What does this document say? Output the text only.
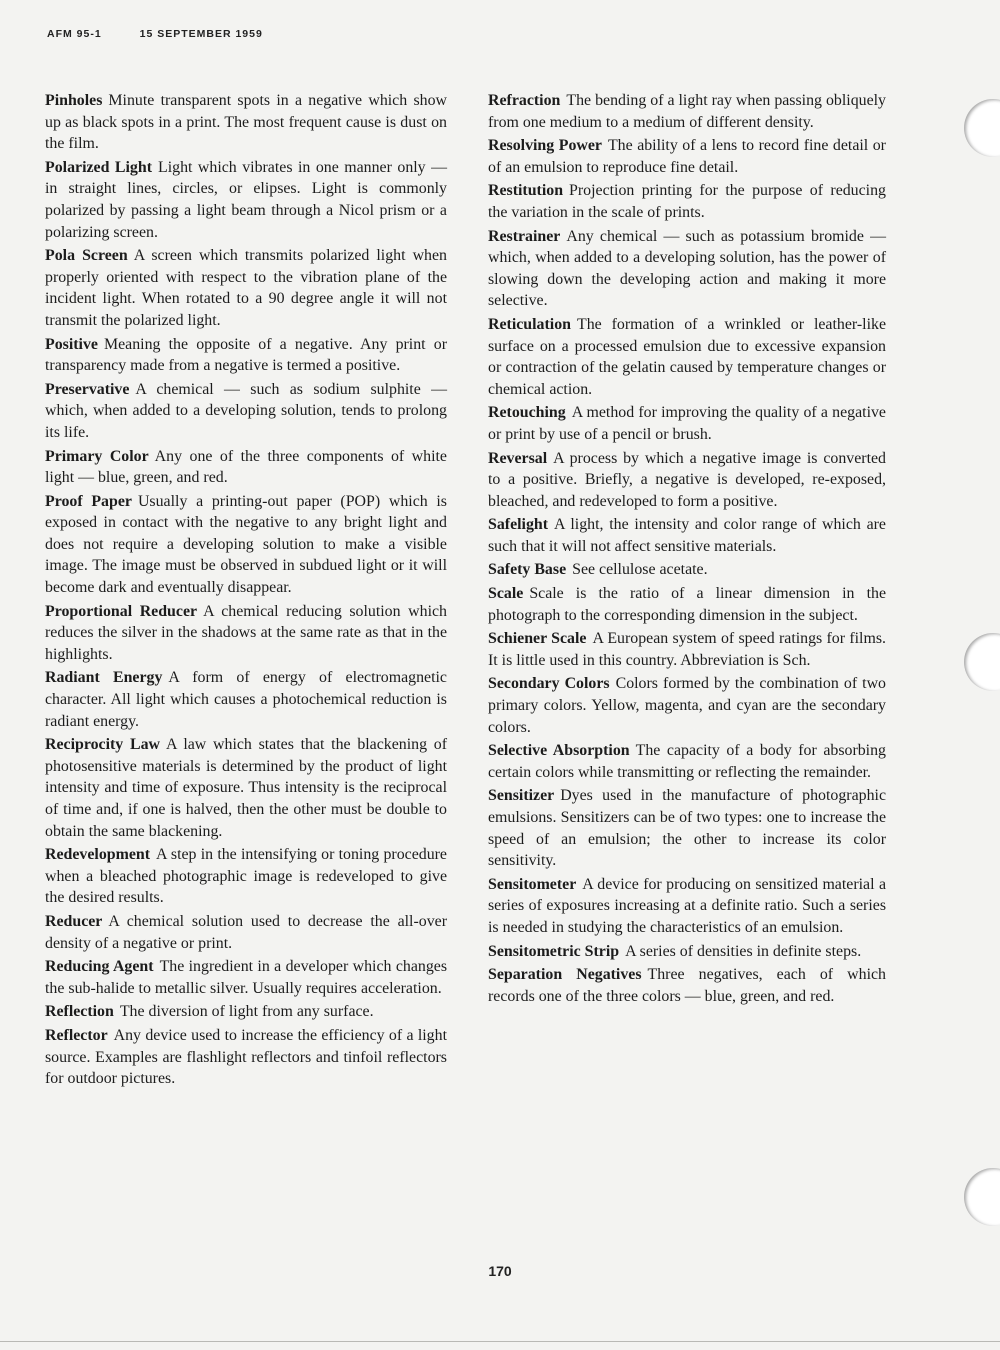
AFM 95-1	15 SEPTEMBER 1959

Pinholes Minute transparent spots in a negative which show up as black spots in a print. The most frequent cause is dust on the film.

Polarized Light Light which vibrates in one manner only — in straight lines, circles, or elipses. Light is commonly polarized by passing a light beam through a Nicol prism or a polarizing screen.

Pola Screen A screen which transmits polarized light when properly oriented with respect to the vibration plane of the incident light. When rotated to a 90 degree angle it will not transmit the polarized light.

Positive Meaning the opposite of a negative. Any print or transparency made from a negative is termed a positive.

Preservative A chemical — such as sodium sulphite — which, when added to a developing solution, tends to prolong its life.

Primary Color Any one of the three components of white light — blue, green, and red.

Proof Paper Usually a printing-out paper (POP) which is exposed in contact with the negative to any bright light and does not require a developing solution to make a visible image. The image must be observed in subdued light or it will become dark and eventually disappear.

Proportional Reducer A chemical reducing solution which reduces the silver in the shadows at the same rate as that in the highlights.

Radiant Energy A form of energy of electromagnetic character. All light which causes a photochemical reduction is radiant energy.

Reciprocity Law A law which states that the blackening of photosensitive materials is determined by the product of light intensity and time of exposure. Thus intensity is the reciprocal of time and, if one is halved, then the other must be double to obtain the same blackening.

Redevelopment A step in the intensifying or toning procedure when a bleached photographic image is redeveloped to give the desired results.

Reducer A chemical solution used to decrease the all-over density of a negative or print.

Reducing Agent The ingredient in a developer which changes the sub-halide to metallic silver. Usually requires acceleration.

Reflection The diversion of light from any surface.

Reflector Any device used to increase the efficiency of a light source. Examples are flashlight reflectors and tinfoil reflectors for outdoor pictures.

Refraction The bending of a light ray when passing obliquely from one medium to a medium of different density.

Resolving Power The ability of a lens to record fine detail or of an emulsion to reproduce fine detail.

Restitution Projection printing for the purpose of reducing the variation in the scale of prints.

Restrainer Any chemical — such as potassium bromide — which, when added to a developing solution, has the power of slowing down the developing action and making it more selective.

Reticulation The formation of a wrinkled or leather-like surface on a processed emulsion due to excessive expansion or contraction of the gelatin caused by temperature changes or chemical action.

Retouching A method for improving the quality of a negative or print by use of a pencil or brush.

Reversal A process by which a negative image is converted to a positive. Briefly, a negative is developed, re-exposed, bleached, and redeveloped to form a positive.

Safelight A light, the intensity and color range of which are such that it will not affect sensitive materials.

Safety Base See cellulose acetate.

Scale Scale is the ratio of a linear dimension in the photograph to the corresponding dimension in the subject.

Schiener Scale A European system of speed ratings for films. It is little used in this country. Abbreviation is Sch.

Secondary Colors Colors formed by the combination of two primary colors. Yellow, magenta, and cyan are the secondary colors.

Selective Absorption The capacity of a body for absorbing certain colors while transmitting or reflecting the remainder.

Sensitizer Dyes used in the manufacture of photographic emulsions. Sensitizers can be of two types: one to increase the speed of an emulsion; the other to increase its color sensitivity.

Sensitometer A device for producing on sensitized material a series of exposures increasing at a definite ratio. Such a series is needed in studying the characteristics of an emulsion.

Sensitometric Strip A series of densities in definite steps.

Separation Negatives Three negatives, each of which records one of the three colors — blue, green, and red.

170
